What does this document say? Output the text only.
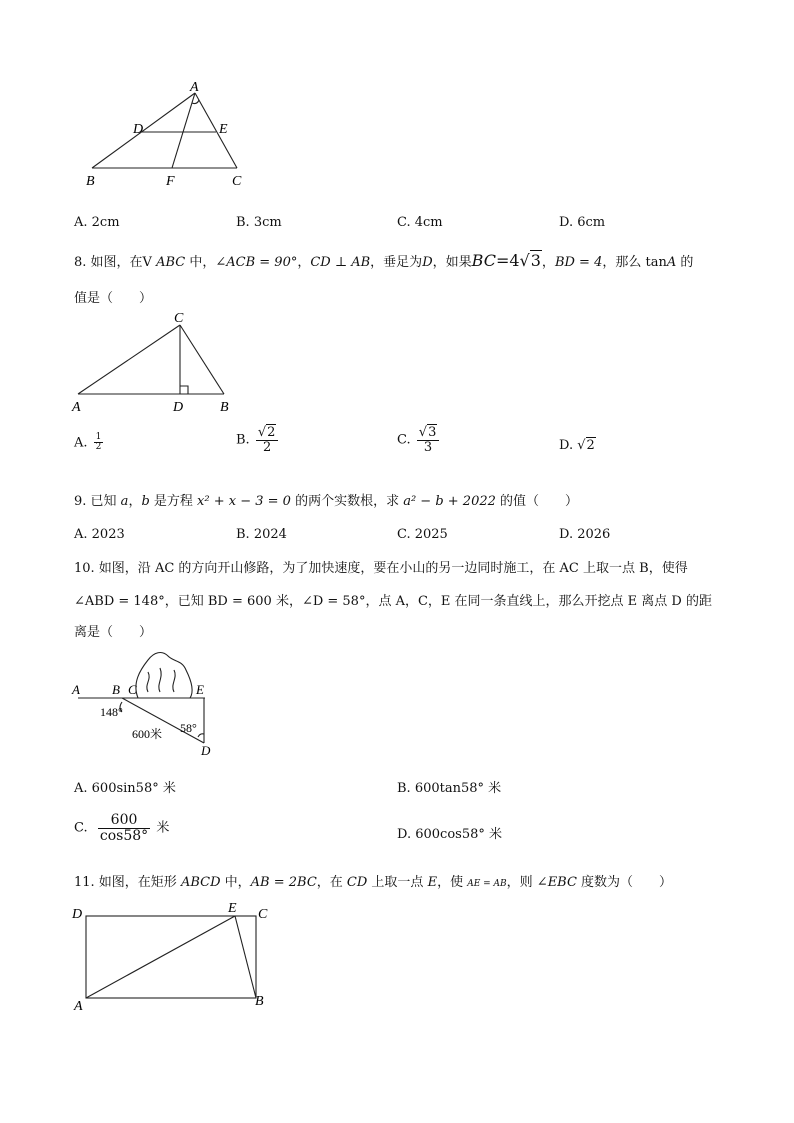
A
D	E
B	F	C
A. 2cm	B. 3cm	C. 4cm	D. 6cm
8. 如图，在V ABC 中，∠ACB = 90°，CD ⊥ AB，垂足为D，如果BC=4√3，BD = 4，那么 tanA 的
值是（　　）
C
A	D	B
A. $\frac{1}{2}$	B. $\frac{√2}{2}$	C. $\frac{√3}{3}$	D. √2
9. 已知 a，b 是方程 x² + x − 3 = 0 的两个实数根，求 a² − b + 2022 的值（　　）
A. 2023	B. 2024	C. 2025	D. 2026
10. 如图，沿 AC 的方向开山修路，为了加快速度，要在小山的另一边同时施工，在 AC 上取一点 B，使得
∠ABD = 148°，已知 BD = 600 米，∠D = 58°，点 A，C，E 在同一条直线上，那么开挖点 E 离点 D 的距
离是（　　）
A B C	E
D
148°
600米 58°
A. 600sin58° 米	B. 600tan58° 米
C. $\frac{600}{\cos 58^\circ}$ 米	D. 600cos58° 米
11. 如图，在矩形 ABCD 中，AB = 2BC，在 CD 上取一点 E，使 AE = AB，则 ∠EBC 度数为（　　）
D	E C
A	B
